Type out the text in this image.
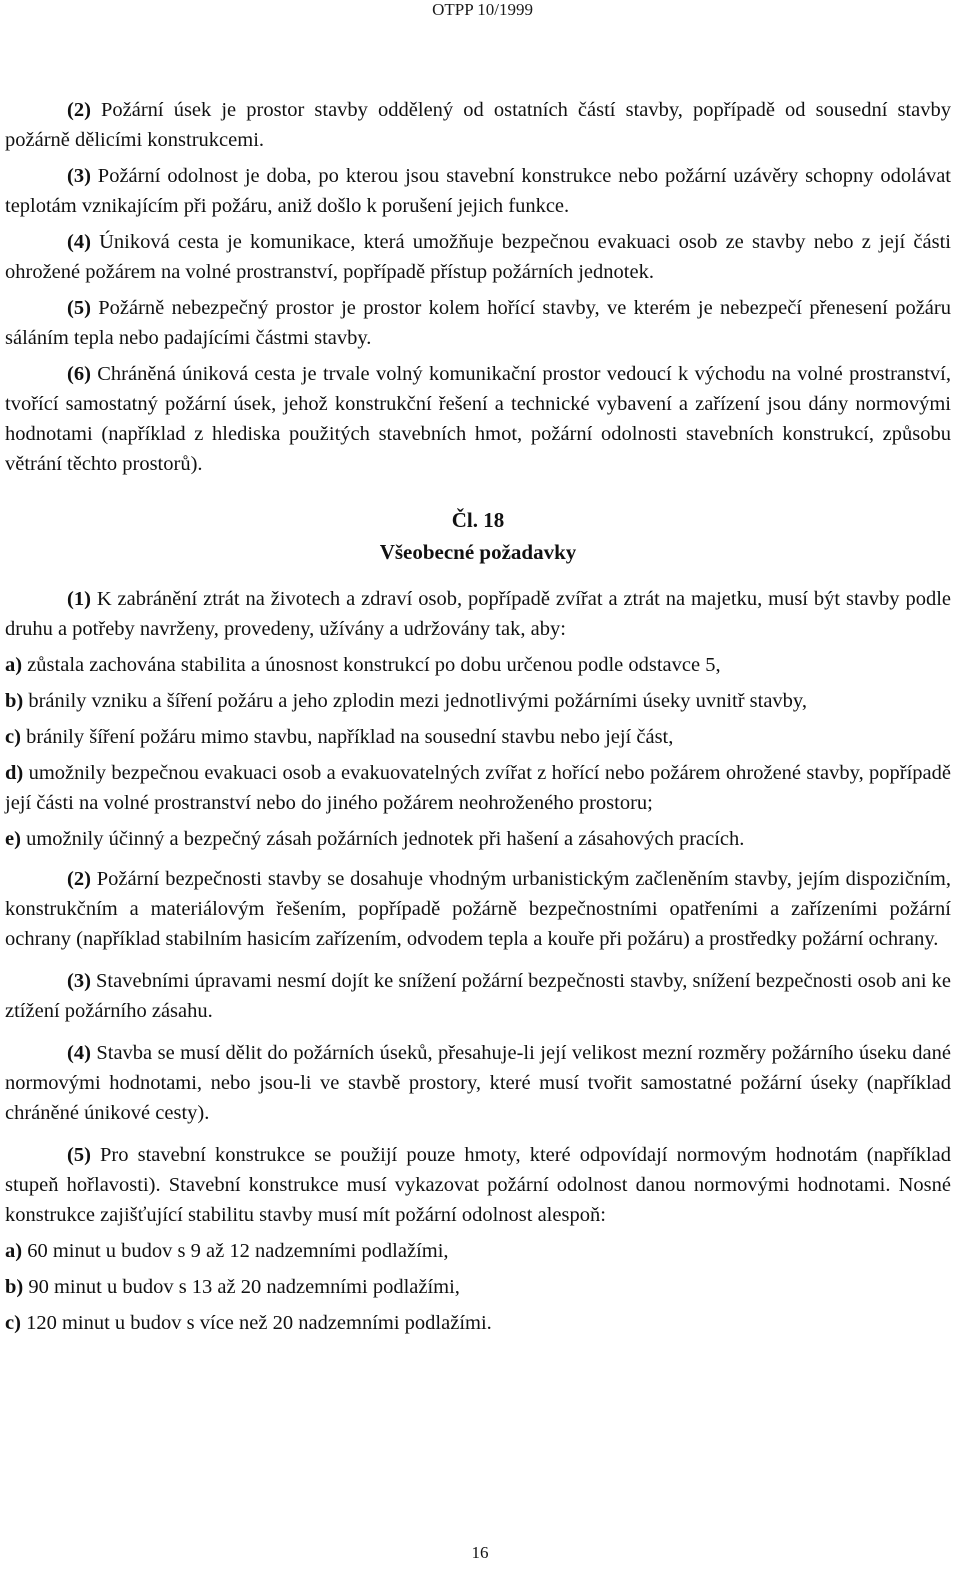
OTPP 10/1999

(2) Požární úsek je prostor stavby oddělený od ostatních částí stavby, popřípadě od sousední stavby požárně dělicími konstrukcemi.

(3) Požární odolnost je doba, po kterou jsou stavební konstrukce nebo požární uzávěry schopny odolávat teplotám vznikajícím při požáru, aniž došlo k porušení jejich funkce.

(4) Úniková cesta je komunikace, která umožňuje bezpečnou evakuaci osob ze stavby nebo z její části ohrožené požárem na volné prostranství, popřípadě přístup požárních jednotek.

(5) Požárně nebezpečný prostor je prostor kolem hořící stavby, ve kterém je nebezpečí přenesení požáru sáláním tepla nebo padajícími částmi stavby.

(6) Chráněná úniková cesta je trvale volný komunikační prostor vedoucí k východu na volné prostranství, tvořící samostatný požární úsek, jehož konstrukční řešení a technické vybavení a zařízení jsou dány normovými hodnotami (například z hlediska použitých stavebních hmot, požární odolnosti stavebních konstrukcí, způsobu větrání těchto prostorů).

Čl. 18
Všeobecné požadavky

(1) K zabránění ztrát na životech a zdraví osob, popřípadě zvířat a ztrát na majetku, musí být stavby podle druhu a potřeby navrženy, provedeny, užívány a udržovány tak, aby:

a) zůstala zachována stabilita a únosnost konstrukcí po dobu určenou podle odstavce 5,

b) bránily vzniku a šíření požáru a jeho zplodin mezi jednotlivými požárními úseky uvnitř stavby,

c) bránily šíření požáru mimo stavbu, například na sousední stavbu nebo její část,

d) umožnily bezpečnou evakuaci osob a evakuovatelných zvířat z hořící nebo požárem ohrožené stavby, popřípadě její části na volné prostranství nebo do jiného požárem neohroženého prostoru;

e) umožnily účinný a bezpečný zásah požárních jednotek při hašení a zásahových pracích.

(2) Požární bezpečnosti stavby se dosahuje vhodným urbanistickým začleněním stavby, jejím dispozičním, konstrukčním a materiálovým řešením, popřípadě požárně bezpečnostními opatřeními a zařízeními požární ochrany (například stabilním hasicím zařízením, odvodem tepla a kouře při požáru) a prostředky požární ochrany.

(3) Stavebními úpravami nesmí dojít ke snížení požární bezpečnosti stavby, snížení bezpečnosti osob ani ke ztížení požárního zásahu.

(4) Stavba se musí dělit do požárních úseků, přesahuje-li její velikost mezní rozměry požárního úseku dané normovými hodnotami, nebo jsou-li ve stavbě prostory, které musí tvořit samostatné požární úseky (například chráněné únikové cesty).

(5) Pro stavební konstrukce se použijí pouze hmoty, které odpovídají normovým hodnotám (například stupeň hořlavosti). Stavební konstrukce musí vykazovat požární odolnost danou normovými hodnotami. Nosné konstrukce zajišťující stabilitu stavby musí mít požární odolnost alespoň:

a) 60 minut u budov s 9 až 12 nadzemními podlažími,

b) 90 minut u budov s 13 až 20 nadzemními podlažími,

c) 120 minut u budov s více než 20 nadzemními podlažími.

16
